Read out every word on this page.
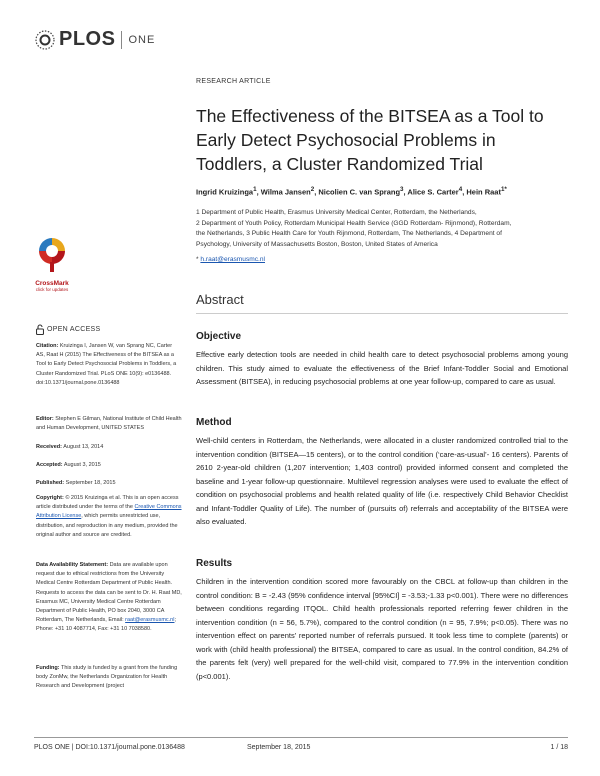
PLOS ONE
CrossMark
click for updates
RESEARCH ARTICLE
The Effectiveness of the BITSEA as a Tool to Early Detect Psychosocial Problems in Toddlers, a Cluster Randomized Trial
Ingrid Kruizinga$^1$, Wilma Jansen$^2$, Nicolien C. van Sprang$^3$, Alice S. Carter$^4$, Hein Raat$^{1*}$
1 Department of Public Health, Erasmus University Medical Center, Rotterdam, the Netherlands,
2 Department of Youth Policy, Rotterdam Municipal Health Service (GGD Rotterdam- Rijnmond), Rotterdam,
the Netherlands, 3 Public Health Care for Youth Rijnmond, Rotterdam, The Netherlands, 4 Department of
Psychology, University of Massachusetts Boston, Boston, United States of America
* h.raat@erasmusmc.nl
Abstract
Objective
Effective early detection tools are needed in child health care to detect psychosocial problems among young children. This study aimed to evaluate the effectiveness of the Brief Infant-Toddler Social and Emotional Assessment (BITSEA), in reducing psychosocial problems at one year follow-up, compared to care as usual.
Method
Well-child centers in Rotterdam, the Netherlands, were allocated in a cluster randomized controlled trial to the intervention condition (BITSEA—15 centers), or to the control condition (‘care-as-usual’- 16 centers). Parents of 2610 2-year-old children (1,207 intervention; 1,403 control) provided informed consent and completed the baseline and 1-year follow-up questionnaire. Multilevel regression analyses were used to evaluate the effect of condition on psychosocial problems and health related quality of life (i.e. respectively Child Behavior Checklist and Infant-Toddler Quality of Life). The number of (pursuits of) referrals and acceptability of the BITSEA were also evaluated.
Results
Children in the intervention condition scored more favourably on the CBCL at follow-up than children in the control condition: B = -2.43 (95% confidence interval [95%CI] = -3.53;-1.33 p<0.001). There were no differences between conditions regarding ITQOL. Child health professionals reported referring fewer children in the intervention condition (n = 56, 5.7%), compared to the control condition (n = 95, 7.9%; p<0.05). There was no intervention effect on parents’ reported number of referrals pursued. It took less time to complete (parents) or work with (child health professional) the BITSEA, compared to care as usual. In the control condition, 84.2% of the parents felt (very) well prepared for the well-child visit, compared to 77.9% in the intervention condition (p<0.001).
OPEN ACCESS
Citation: Kruizinga I, Jansen W, van Sprang NC, Carter AS, Raat H (2015) The Effectiveness of the BITSEA as a Tool to Early Detect Psychosocial Problems in Toddlers, a Cluster Randomized Trial. PLoS ONE 10(9): e0136488. doi:10.1371/journal.pone.0136488
Editor: Stephen E Gilman, National Institute of Child Health and Human Development, UNITED STATES
Received: August 13, 2014
Accepted: August 3, 2015
Published: September 18, 2015
Copyright: © 2015 Kruizinga et al. This is an open access article distributed under the terms of the Creative Commons Attribution License, which permits unrestricted use, distribution, and reproduction in any medium, provided the original author and source are credited.
Data Availability Statement: Data are available upon request due to ethical restrictions from the University Medical Centre Rotterdam Department of Public Health. Requests to access the data can be sent to Dr. H. Raat MD, Erasmus MC, University Medical Centre Rotterdam Department of Public Health, PO box 2040, 3000 CA Rotterdam, The Netherlands, Email: raat@erasmusmc.nl; Phone: +31 10 4087714, Fax: +31 10 7038580.
Funding: This study is funded by a grant from the funding body ZonMw, the Netherlands Organization for Health Research and Development (project
PLOS ONE | DOI:10.1371/journal.pone.0136488	September 18, 2015	1 / 18
